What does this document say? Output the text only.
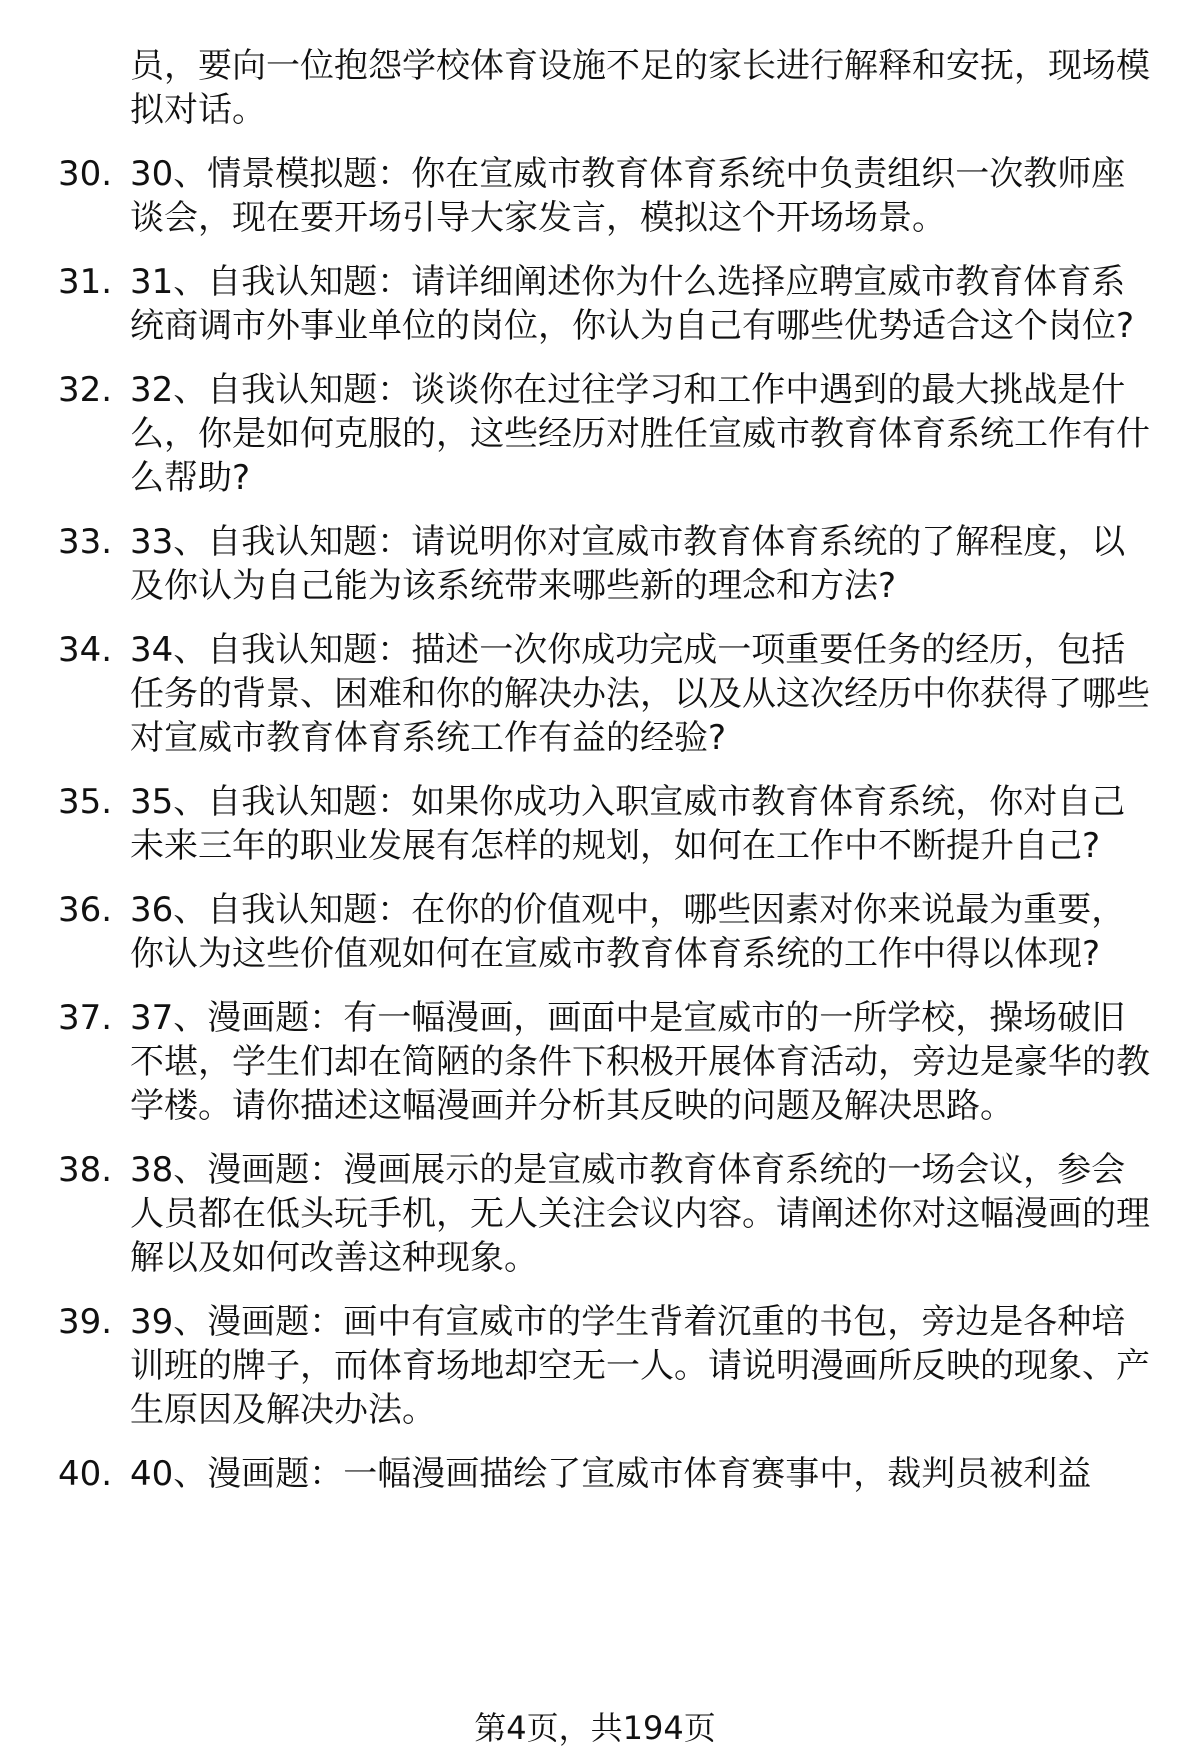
员，要向一位抱怨学校体育设施不足的家长进行解释和安抚，现场模拟对话。
30. 30、情景模拟题：你在宣威市教育体育系统中负责组织一次教师座谈会，现在要开场引导大家发言，模拟这个开场场景。
31. 31、自我认知题：请详细阐述你为什么选择应聘宣威市教育体育系统商调市外事业单位的岗位，你认为自己有哪些优势适合这个岗位?
32. 32、自我认知题：谈谈你在过往学习和工作中遇到的最大挑战是什么，你是如何克服的，这些经历对胜任宣威市教育体育系统工作有什么帮助?
33. 33、自我认知题：请说明你对宣威市教育体育系统的了解程度，以及你认为自己能为该系统带来哪些新的理念和方法?
34. 34、自我认知题：描述一次你成功完成一项重要任务的经历，包括任务的背景、困难和你的解决办法，以及从这次经历中你获得了哪些对宣威市教育体育系统工作有益的经验?
35. 35、自我认知题：如果你成功入职宣威市教育体育系统，你对自己未来三年的职业发展有怎样的规划，如何在工作中不断提升自己?
36. 36、自我认知题：在你的价值观中，哪些因素对你来说最为重要，你认为这些价值观如何在宣威市教育体育系统的工作中得以体现?
37. 37、漫画题：有一幅漫画，画面中是宣威市的一所学校，操场破旧不堪，学生们却在简陋的条件下积极开展体育活动，旁边是豪华的教学楼。请你描述这幅漫画并分析其反映的问题及解决思路。
38. 38、漫画题：漫画展示的是宣威市教育体育系统的一场会议，参会人员都在低头玩手机，无人关注会议内容。请阐述你对这幅漫画的理解以及如何改善这种现象。
39. 39、漫画题：画中有宣威市的学生背着沉重的书包，旁边是各种培训班的牌子，而体育场地却空无一人。请说明漫画所反映的现象、产生原因及解决办法。
40. 40、漫画题：一幅漫画描绘了宣威市体育赛事中，裁判员被利益
第4页，共194页
